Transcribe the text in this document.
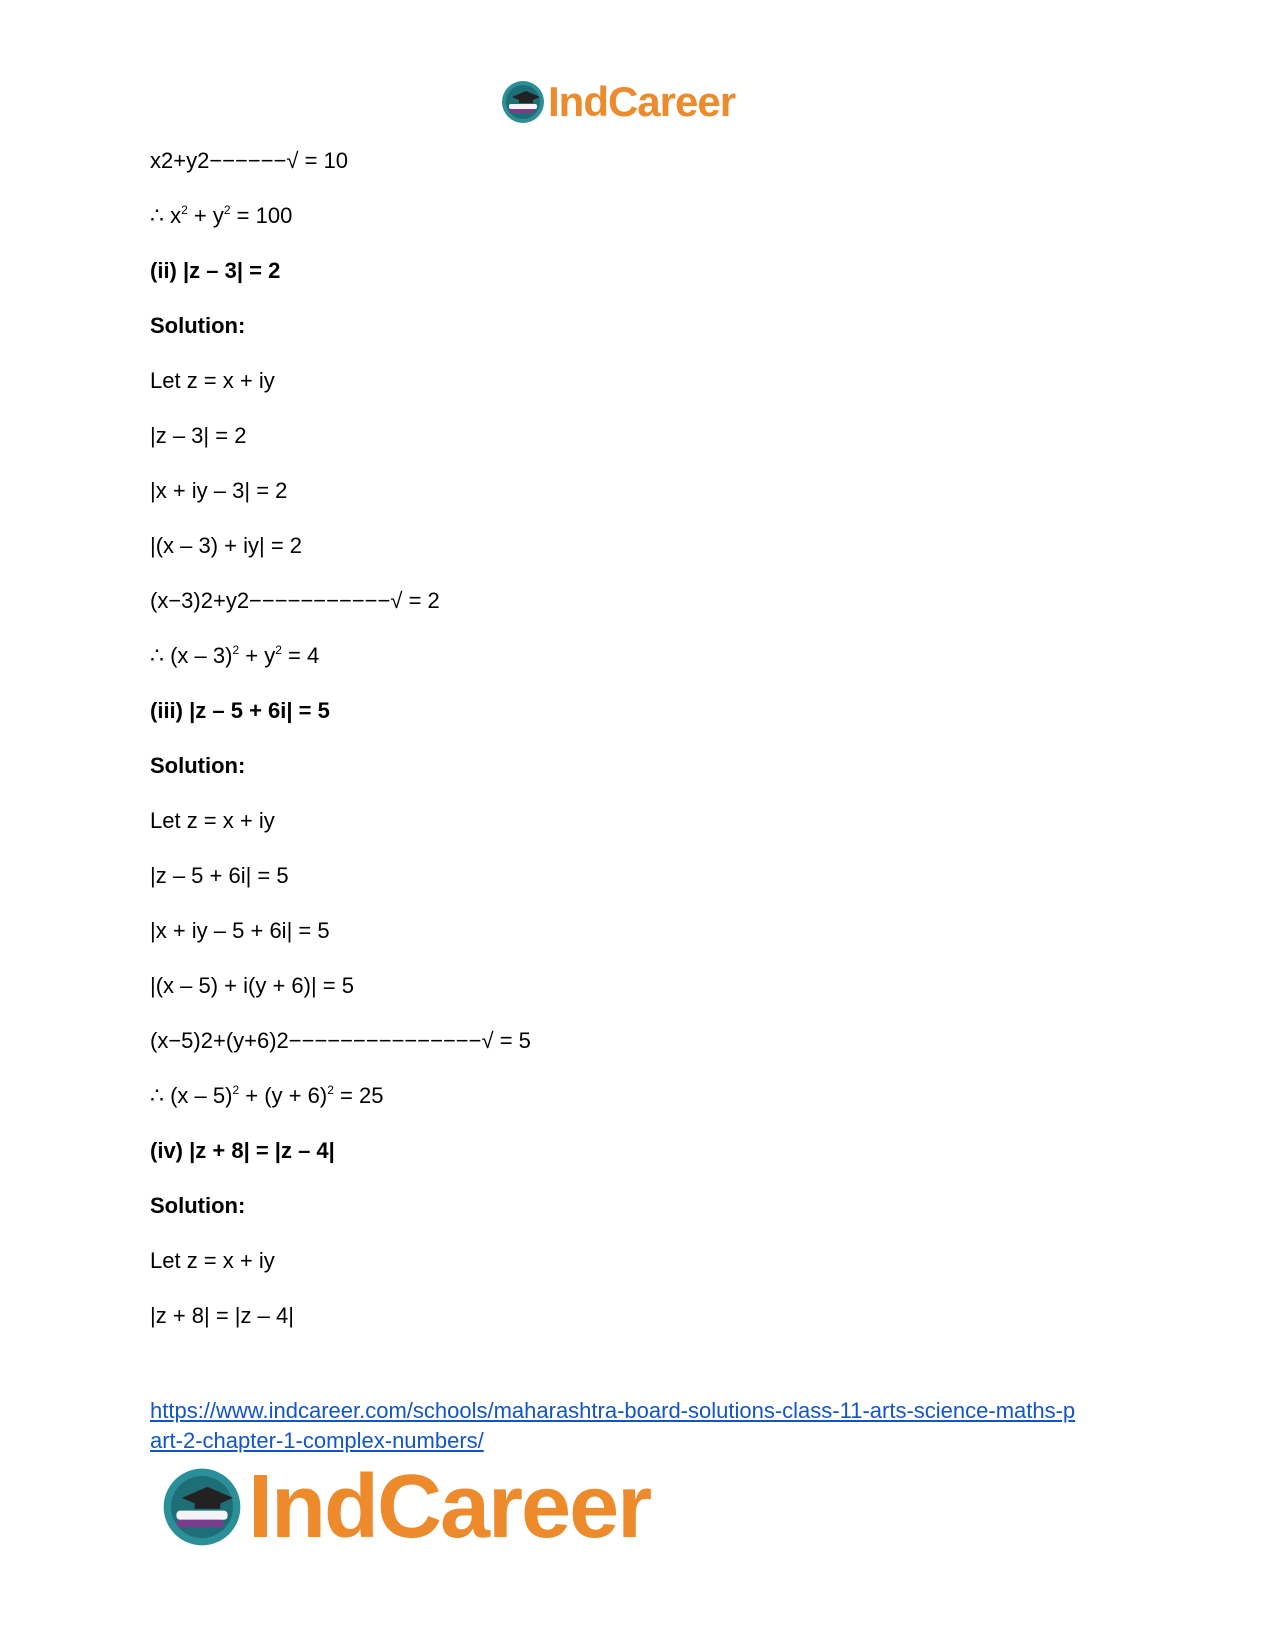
IndCareer
x2+y2−−−−−−√ = 10
∴ $x^2 + y^2 = 100$
(ii) |z – 3| = 2
Solution:
Let z = x + iy
|z – 3| = 2
|x + iy – 3| = 2
|(x – 3) + iy| = 2
(x−3)2+y2−−−−−−−−−−−√ = 2
∴ $(x - 3)^2 + y^2 = 4$
(iii) |z – 5 + 6i| = 5
Solution:
Let z = x + iy
|z – 5 + 6i| = 5
|x + iy – 5 + 6i| = 5
|(x – 5) + i(y + 6)| = 5
(x−5)2+(y+6)2−−−−−−−−−−−−−−−√ = 5
∴ $(x - 5)^2 + (y + 6)^2 = 25$
(iv) |z + 8| = |z – 4|
Solution:
Let z = x + iy
|z + 8| = |z – 4|
https://www.indcareer.com/schools/maharashtra-board-solutions-class-11-arts-science-maths-p
art-2-chapter-1-complex-numbers/
IndCareer
